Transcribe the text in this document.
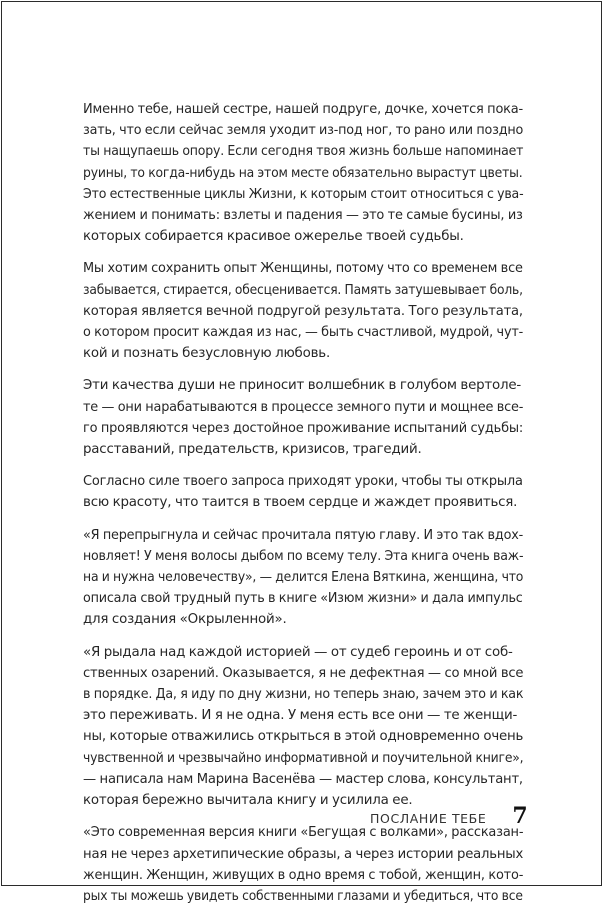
Именно тебе, нашей сестре, нашей подруге, дочке, хочется пока-
зать, что если сейчас земля уходит из-под ног, то рано или поздно
ты нащупаешь опору. Если сегодня твоя жизнь больше напоминает
руины, то когда-нибудь на этом месте обязательно вырастут цветы.
Это естественные циклы Жизни, к которым стоит относиться с ува-
жением и понимать: взлеты и падения — это те самые бусины, из
которых собирается красивое ожерелье твоей судьбы.

Мы хотим сохранить опыт Женщины, потому что со временем все
забывается, стирается, обесценивается. Память затушевывает боль,
которая является вечной подругой результата. Того результата,
о котором просит каждая из нас, — быть счастливой, мудрой, чут-
кой и познать безусловную любовь.

Эти качества души не приносит волшебник в голубом вертоле-
те — они нарабатываются в процессе земного пути и мощнее все-
го проявляются через достойное проживание испытаний судьбы:
расставаний, предательств, кризисов, трагедий.

Согласно силе твоего запроса приходят уроки, чтобы ты открыла
всю красоту, что таится в твоем сердце и жаждет проявиться.

«Я перепрыгнула и сейчас прочитала пятую главу. И это так вдох-
новляет! У меня волосы дыбом по всему телу. Эта книга очень важ-
на и нужна человечеству», — делится Елена Вяткина, женщина, что
описала свой трудный путь в книге «Изюм жизни» и дала импульс
для создания «Окрыленной».

«Я рыдала над каждой историей — от судеб героинь и от соб-
ственных озарений. Оказывается, я не дефектная — со мной все
в порядке. Да, я иду по дну жизни, но теперь знаю, зачем это и как
это переживать. И я не одна. У меня есть все они — те женщи-
ны, которые отважились открыться в этой одновременно очень
чувственной и чрезвычайно информативной и поучительной книге»,
— написала нам Марина Васенёва — мастер слова, консультант,
которая бережно вычитала книгу и усилила ее.

«Это современная версия книги «Бегущая с волками», рассказан-
ная не через архетипические образы, а через истории реальных
женщин. Женщин, живущих в одно время с тобой, женщин, кото-
рых ты можешь увидеть собственными глазами и убедиться, что все

ПОСЛАНИЕ ТЕБЕ 7
